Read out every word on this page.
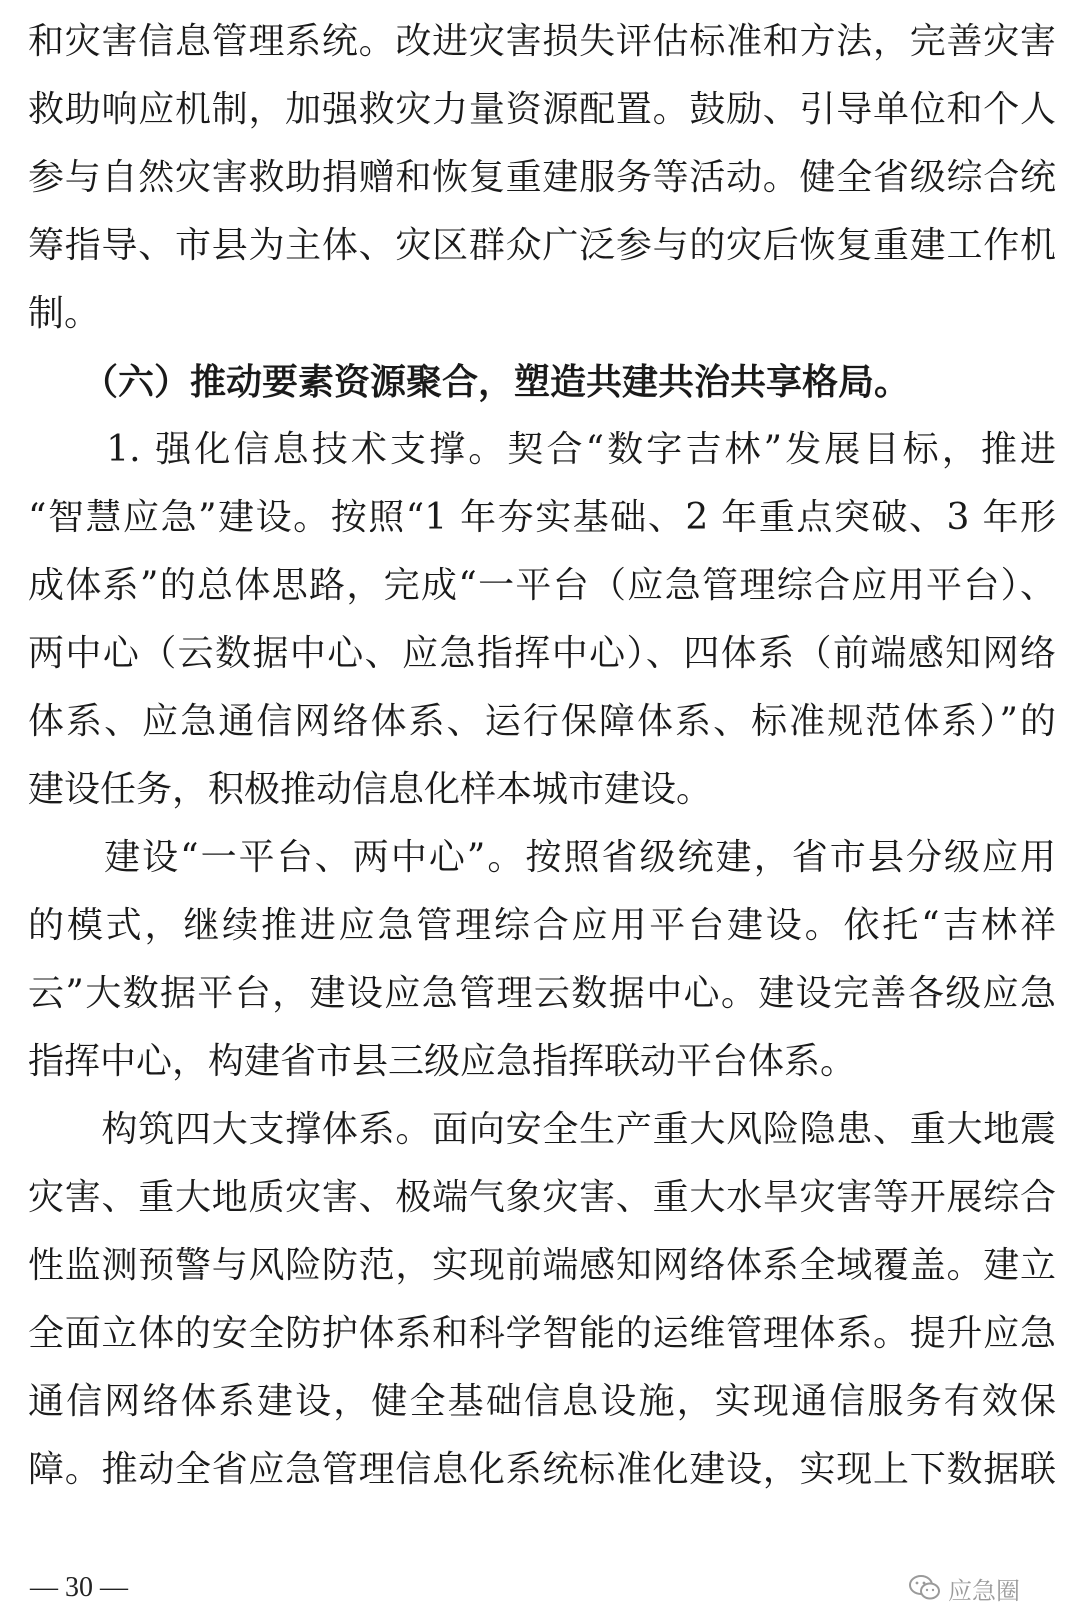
和灾害信息管理系统。改进灾害损失评估标准和方法，完善灾害
救助响应机制，加强救灾力量资源配置。鼓励、引导单位和个人
参与自然灾害救助捐赠和恢复重建服务等活动。健全省级综合统
筹指导、市县为主体、灾区群众广泛参与的灾后恢复重建工作机
制。
　　（六）推动要素资源聚合，塑造共建共治共享格局。
　　1. 强化信息技术支撑。契合“数字吉林”发展目标，推进
“智慧应急”建设。按照“1 年夯实基础、2 年重点突破、3 年形
成体系”的总体思路，完成“一平台（应急管理综合应用平台）、
两中心（云数据中心、应急指挥中心）、四体系（前端感知网络
体系、应急通信网络体系、运行保障体系、标准规范体系）”的
建设任务，积极推动信息化样本城市建设。
　　建设“一平台、两中心”。按照省级统建，省市县分级应用
的模式，继续推进应急管理综合应用平台建设。依托“吉林祥
云”大数据平台，建设应急管理云数据中心。建设完善各级应急
指挥中心，构建省市县三级应急指挥联动平台体系。
　　构筑四大支撑体系。面向安全生产重大风险隐患、重大地震
灾害、重大地质灾害、极端气象灾害、重大水旱灾害等开展综合
性监测预警与风险防范，实现前端感知网络体系全域覆盖。建立
全面立体的安全防护体系和科学智能的运维管理体系。提升应急
通信网络体系建设，健全基础信息设施，实现通信服务有效保
障。推动全省应急管理信息化系统标准化建设，实现上下数据联
— 30 —	应急圈
